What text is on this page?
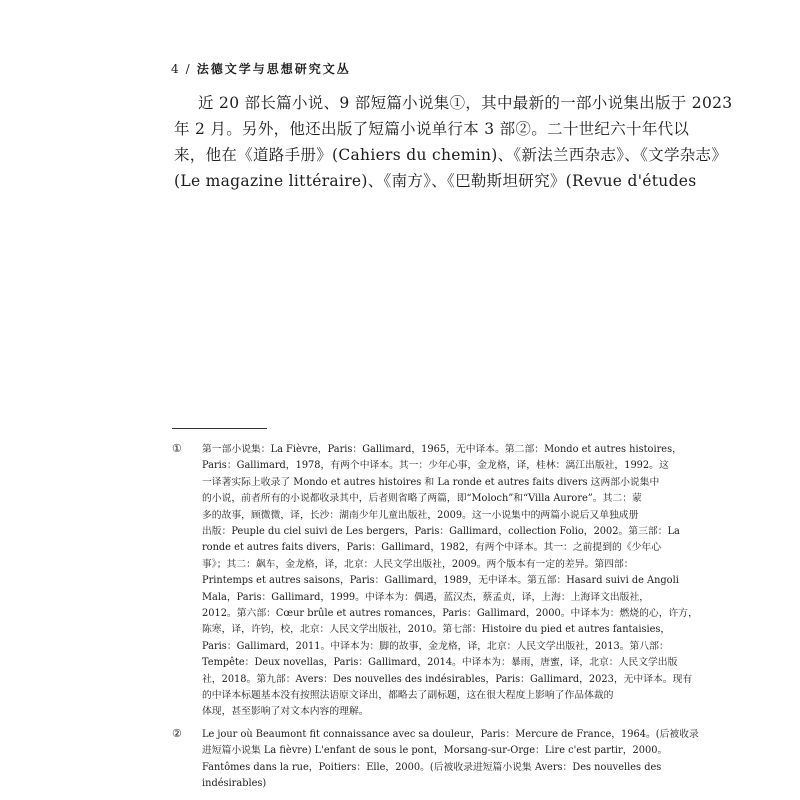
4 / 法德文学与思想研究文丛
近 20 部长篇小说、9 部短篇小说集①，其中最新的一部小说集出版于 2023
年 2 月。另外，他还出版了短篇小说单行本 3 部②。二十世纪六十年代以
来，他在《道路手册》(Cahiers du chemin)、《新法兰西杂志》、《文学杂志》
(Le magazine littéraire)、《南方》、《巴勒斯坦研究》(Revue d'études
① 第一部小说集：La Fièvre，Paris：Gallimard，1965，无中译本。第二部：Mondo et autres histoires，
Paris：Gallimard，1978，有两个中译本。其一：少年心事，金龙格，译，桂林：漓江出版社，1992。这
一译著实际上收录了 Mondo et autres histoires 和 La ronde et autres faits divers 这两部小说集中
的小说，前者所有的小说都收录其中，后者则省略了两篇，即“Moloch”和“Villa Aurore”。其二：蒙
多的故事，顾微微，译，长沙：湖南少年儿童出版社，2009。这一小说集中的两篇小说后又单独成册
出版：Peuple du ciel suivi de Les bergers，Paris：Gallimard，collection Folio，2002。第三部：La
ronde et autres faits divers，Paris：Gallimard，1982，有两个中译本。其一：之前提到的《少年心
事》；其二：飙车，金龙格，译，北京：人民文学出版社，2009。两个版本有一定的差异。第四部：
Printemps et autres saisons，Paris：Gallimard，1989，无中译本。第五部：Hasard suivi de Angoli
Mala，Paris：Gallimard，1999。中译本为：偶遇，蓝汉杰，蔡孟贞，译，上海：上海译文出版社，
2012。第六部：Cœur brûle et autres romances，Paris：Gallimard，2000。中译本为：燃烧的心，许方，
陈寒，译，许钧，校，北京：人民文学出版社，2010。第七部：Histoire du pied et autres fantaisies，
Paris：Gallimard，2011。中译本为：脚的故事，金龙格，译，北京：人民文学出版社，2013。第八部：
Tempête：Deux novellas，Paris：Gallimard，2014。中译本为：暴雨，唐蜜，译，北京：人民文学出版
社，2018。第九部：Avers：Des nouvelles des indésirables，Paris：Gallimard，2023，无中译本。现有
的中译本标题基本没有按照法语原文译出，都略去了副标题，这在很大程度上影响了作品体裁的
体现，甚至影响了对文本内容的理解。
② Le jour où Beaumont fit connaissance avec sa douleur，Paris：Mercure de France，1964。(后被收录
进短篇小说集 La fièvre) L'enfant de sous le pont，Morsang-sur-Orge：Lire c'est partir，2000。
Fantômes dans la rue，Poitiers：Elle，2000。(后被收录进短篇小说集 Avers：Des nouvelles des
indésirables)
